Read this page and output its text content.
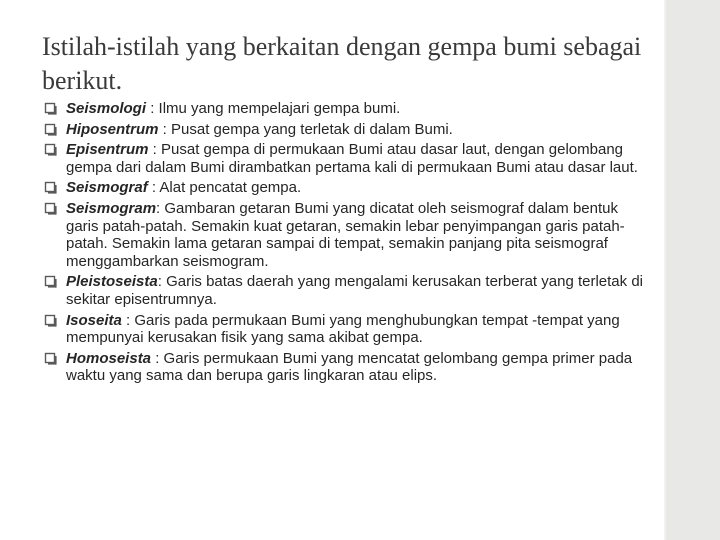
Istilah-istilah yang berkaitan dengan gempa bumi sebagai berikut.
Seismologi : Ilmu yang mempelajari gempa bumi.
Hiposentrum : Pusat gempa yang terletak di dalam Bumi.
Episentrum : Pusat gempa di permukaan Bumi atau dasar laut, dengan gelombang gempa dari dalam Bumi dirambatkan pertama kali di permukaan Bumi atau dasar laut.
Seismograf : Alat pencatat gempa.
Seismogram: Gambaran getaran Bumi yang dicatat oleh seismograf dalam bentuk garis patah-patah. Semakin kuat getaran, semakin lebar penyimpangan garis patah-patah. Semakin lama getaran sampai di tempat, semakin panjang pita seismograf menggambarkan seismogram.
Pleistoseista: Garis batas daerah yang mengalami kerusakan terberat yang terletak di sekitar episentrumnya.
Isoseita : Garis pada permukaan Bumi yang menghubungkan tempat -tempat yang mempunyai kerusakan fisik yang sama akibat gempa.
Homoseista : Garis permukaan Bumi yang mencatat gelombang gempa primer pada waktu yang sama dan berupa garis lingkaran atau elips.
